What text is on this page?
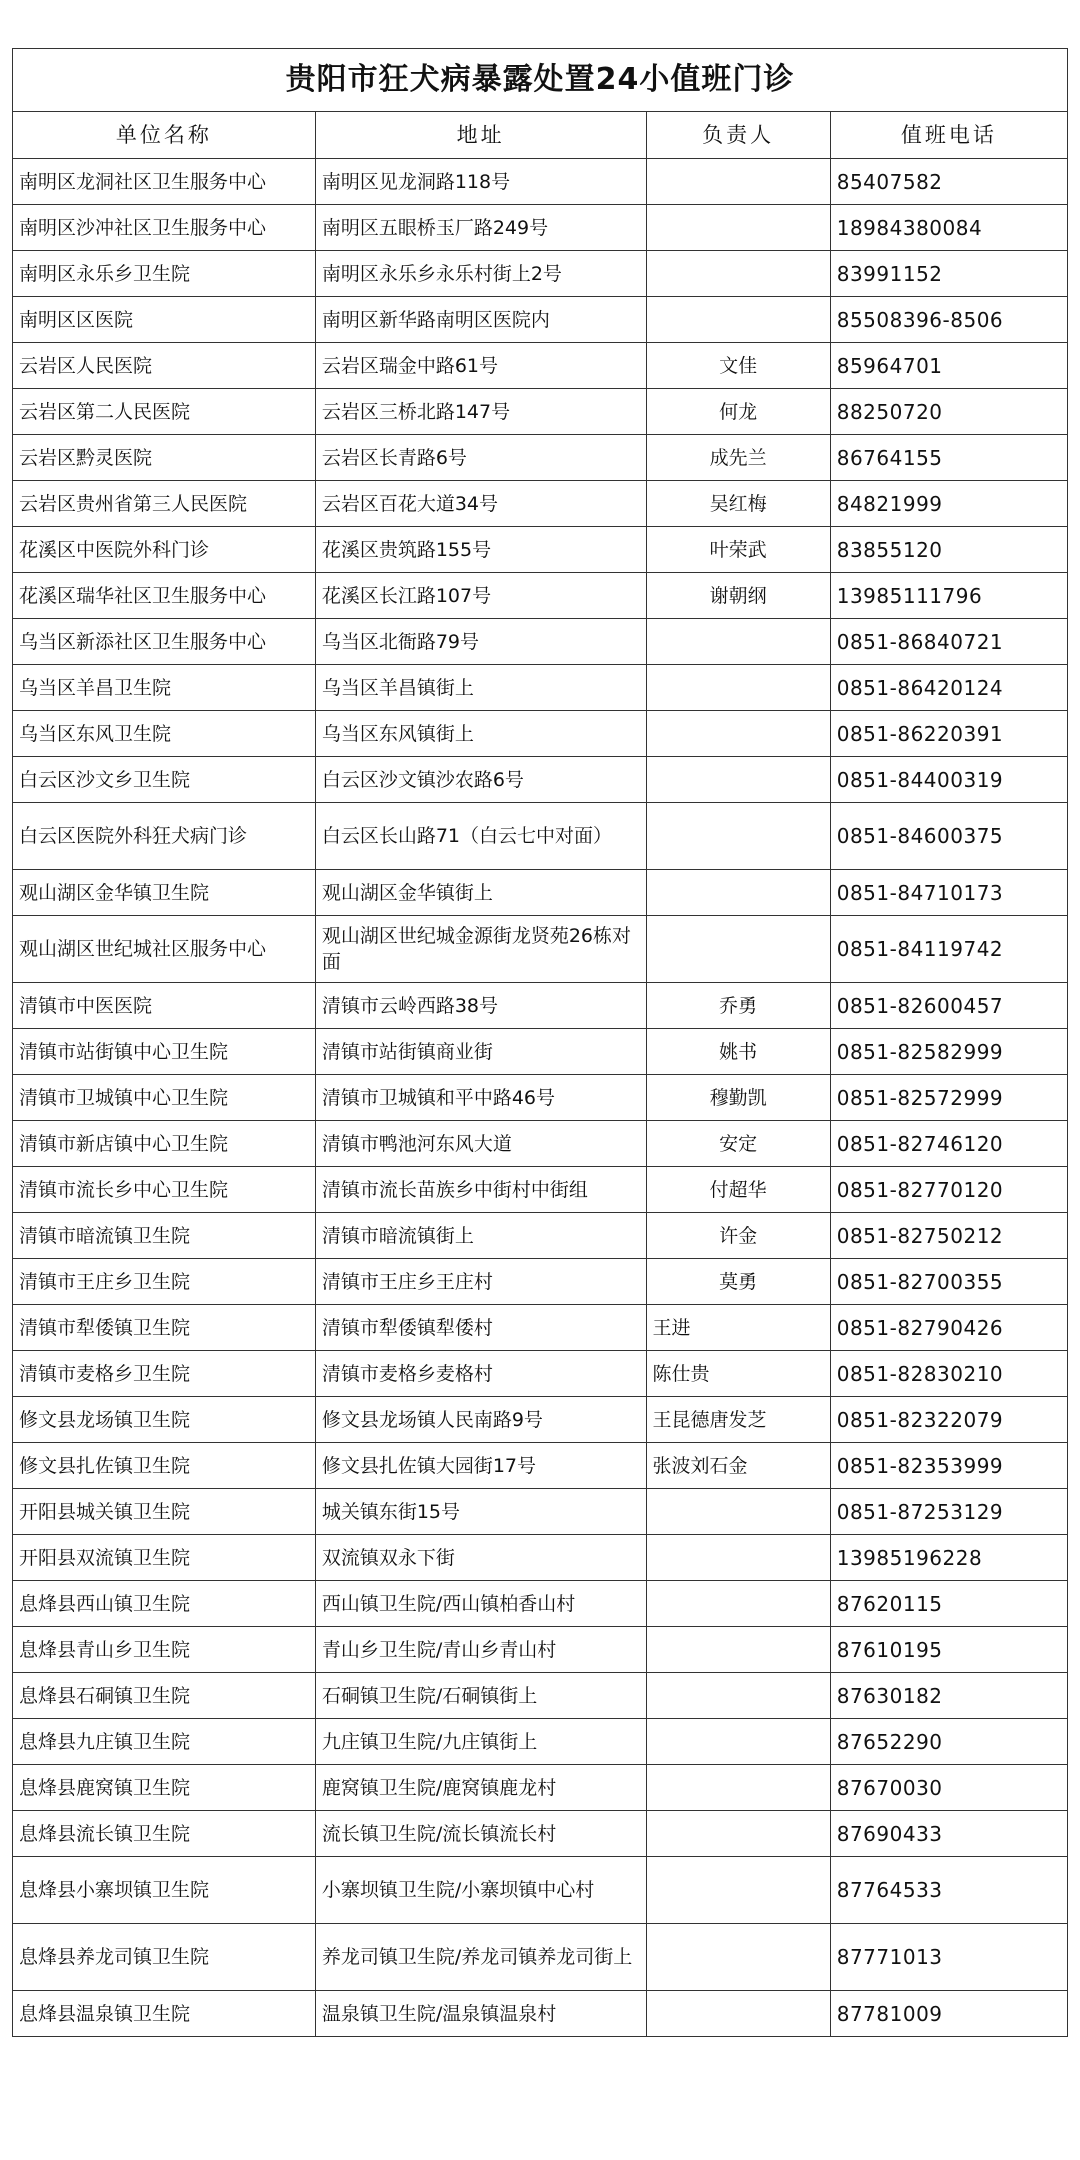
贵阳市狂犬病暴露处置24小值班门诊			
单位名称	地址	负责人	值班电话
南明区龙洞社区卫生服务中心	南明区见龙洞路118号		85407582
南明区沙冲社区卫生服务中心	南明区五眼桥玉厂路249号		18984380084
南明区永乐乡卫生院	南明区永乐乡永乐村街上2号		83991152
南明区区医院	南明区新华路南明区医院内		85508396-8506
云岩区人民医院	云岩区瑞金中路61号	文佳	85964701
云岩区第二人民医院	云岩区三桥北路147号	何龙	88250720
云岩区黔灵医院	云岩区长青路6号	成先兰	86764155
云岩区贵州省第三人民医院	云岩区百花大道34号	吴红梅	84821999
花溪区中医院外科门诊	花溪区贵筑路155号	叶荣武	83855120
花溪区瑞华社区卫生服务中心	花溪区长江路107号	谢朝纲	13985111796
乌当区新添社区卫生服务中心	乌当区北衙路79号		0851-86840721
乌当区羊昌卫生院	乌当区羊昌镇街上		0851-86420124
乌当区东风卫生院	乌当区东风镇街上		0851-86220391
白云区沙文乡卫生院	白云区沙文镇沙农路6号		0851-84400319
白云区医院外科狂犬病门诊	白云区长山路71（白云七中对面）		0851-84600375
观山湖区金华镇卫生院	观山湖区金华镇街上		0851-84710173
观山湖区世纪城社区服务中心	观山湖区世纪城金源街龙贤苑26栋对面		0851-84119742
清镇市中医医院	清镇市云岭西路38号	乔勇	0851-82600457
清镇市站街镇中心卫生院	清镇市站街镇商业街	姚书	0851-82582999
清镇市卫城镇中心卫生院	清镇市卫城镇和平中路46号	穆勤凯	0851-82572999
清镇市新店镇中心卫生院	清镇市鸭池河东风大道	安定	0851-82746120
清镇市流长乡中心卫生院	清镇市流长苗族乡中街村中街组	付超华	0851-82770120
清镇市暗流镇卫生院	清镇市暗流镇街上	许金	0851-82750212
清镇市王庄乡卫生院	清镇市王庄乡王庄村	莫勇	0851-82700355
清镇市犁倭镇卫生院	清镇市犁倭镇犁倭村	王进	0851-82790426
清镇市麦格乡卫生院	清镇市麦格乡麦格村	陈仕贵	0851-82830210
修文县龙场镇卫生院	修文县龙场镇人民南路9号	王昆德唐发芝	0851-82322079
修文县扎佐镇卫生院	修文县扎佐镇大园街17号	张波刘石金	0851-82353999
开阳县城关镇卫生院	城关镇东街15号		0851-87253129
开阳县双流镇卫生院	双流镇双永下街		13985196228
息烽县西山镇卫生院	西山镇卫生院/西山镇柏香山村		87620115
息烽县青山乡卫生院	青山乡卫生院/青山乡青山村		87610195
息烽县石硐镇卫生院	石硐镇卫生院/石硐镇街上		87630182
息烽县九庄镇卫生院	九庄镇卫生院/九庄镇街上		87652290
息烽县鹿窝镇卫生院	鹿窝镇卫生院/鹿窝镇鹿龙村		87670030
息烽县流长镇卫生院	流长镇卫生院/流长镇流长村		87690433
息烽县小寨坝镇卫生院	小寨坝镇卫生院/小寨坝镇中心村		87764533
息烽县养龙司镇卫生院	养龙司镇卫生院/养龙司镇养龙司街上		87771013
息烽县温泉镇卫生院	温泉镇卫生院/温泉镇温泉村		87781009
